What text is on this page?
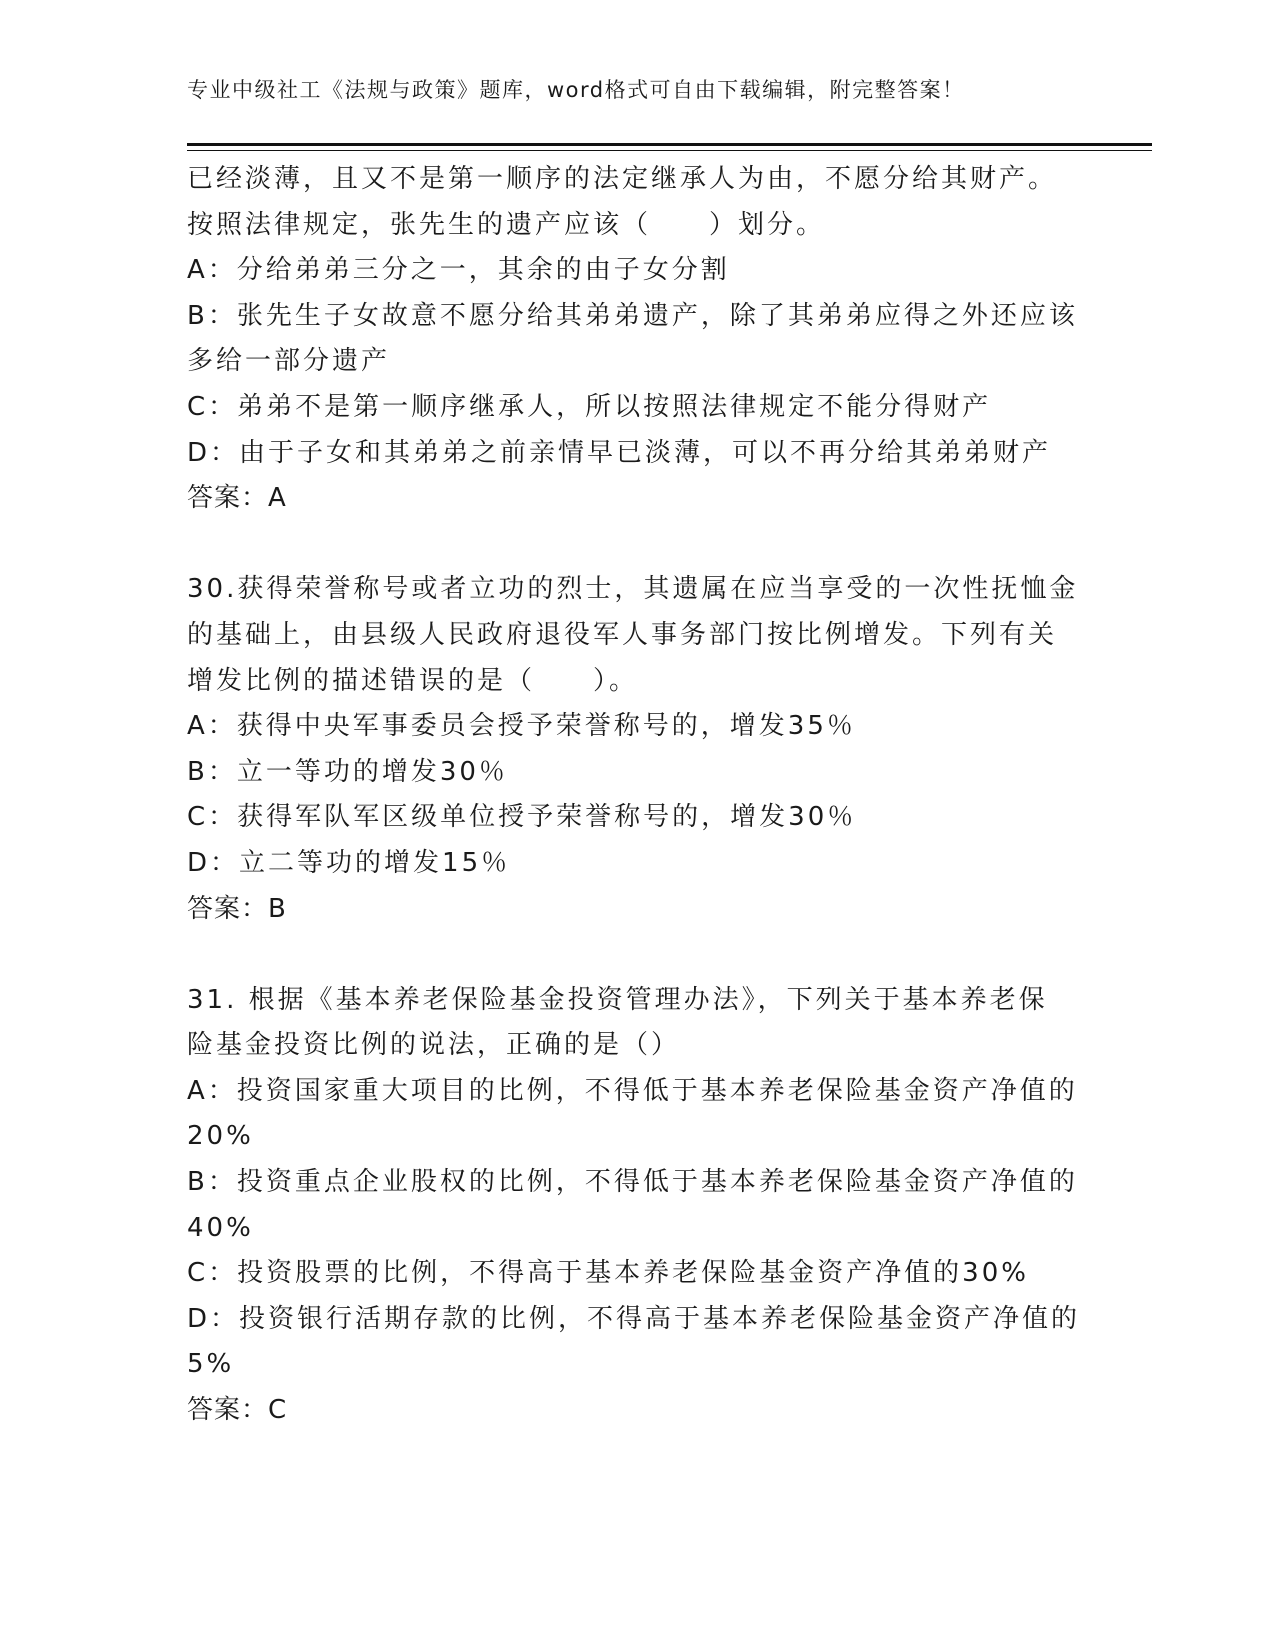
专业中级社工《法规与政策》题库，word格式可自由下载编辑，附完整答案！
已经淡薄，且又不是第一顺序的法定继承人为由，不愿分给其财产。
按照法律规定，张先生的遗产应该（　　）划分。
A：分给弟弟三分之一，其余的由子女分割
B：张先生子女故意不愿分给其弟弟遗产，除了其弟弟应得之外还应该
多给一部分遗产
C：弟弟不是第一顺序继承人，所以按照法律规定不能分得财产
D：由于子女和其弟弟之前亲情早已淡薄，可以不再分给其弟弟财产
答案：A
30.获得荣誉称号或者立功的烈士，其遗属在应当享受的一次性抚恤金
的基础上，由县级人民政府退役军人事务部门按比例增发。下列有关
增发比例的描述错误的是（　　）。
A：获得中央军事委员会授予荣誉称号的，增发35％
B：立一等功的增发30％
C：获得军队军区级单位授予荣誉称号的，增发30％
D：立二等功的增发15％
答案：B
31. 根据《基本养老保险基金投资管理办法》，下列关于基本养老保
险基金投资比例的说法，正确的是（）
A：投资国家重大项目的比例，不得低于基本养老保险基金资产净值的
20%
B：投资重点企业股权的比例，不得低于基本养老保险基金资产净值的
40%
C：投资股票的比例，不得高于基本养老保险基金资产净值的30%
D：投资银行活期存款的比例，不得高于基本养老保险基金资产净值的
5%
答案：C
